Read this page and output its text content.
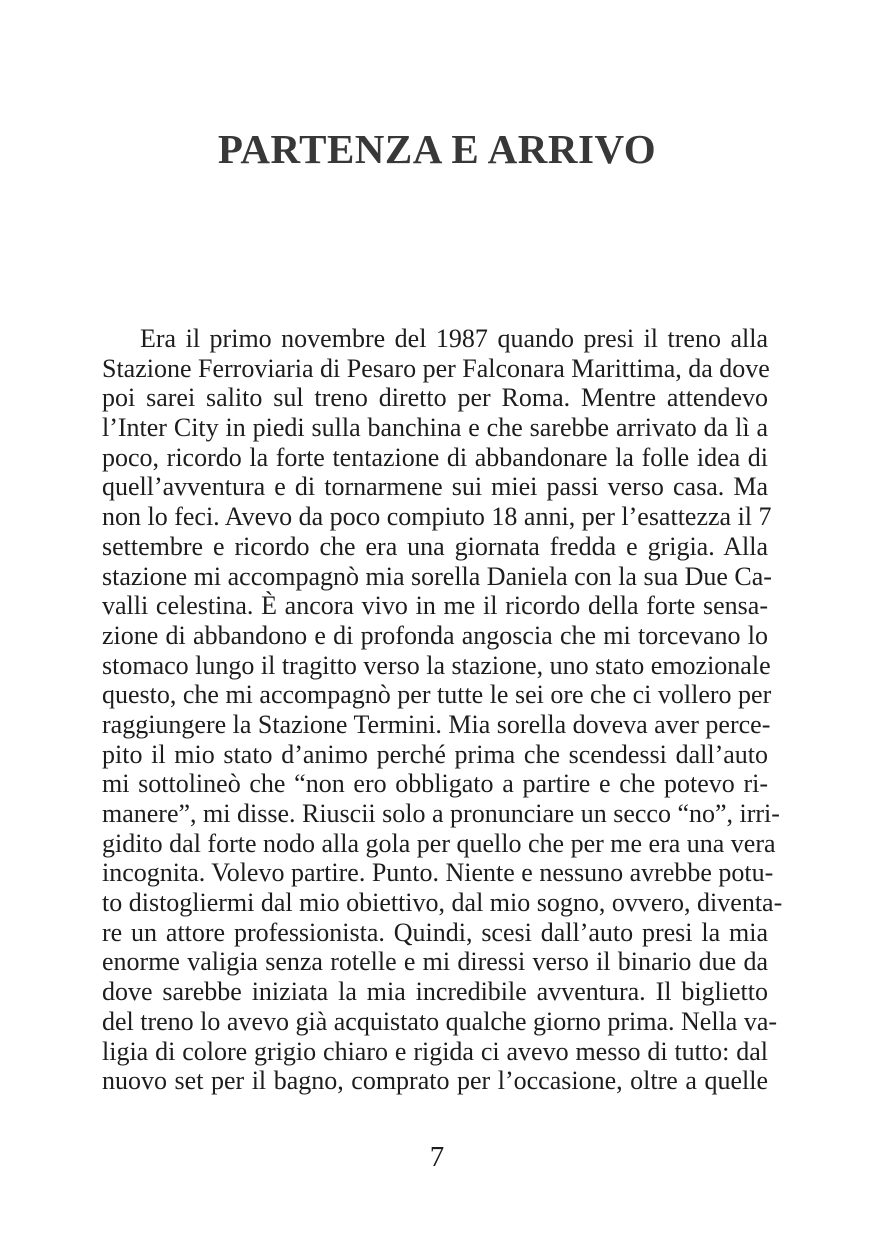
PARTENZA E ARRIVO
Era il primo novembre del 1987 quando presi il treno alla
Stazione Ferroviaria di Pesaro per Falconara Marittima, da dove
poi sarei salito sul treno diretto per Roma. Mentre attendevo
l’Inter City in piedi sulla banchina e che sarebbe arrivato da lì a
poco, ricordo la forte tentazione di abbandonare la folle idea di
quell’avventura e di tornarmene sui miei passi verso casa. Ma
non lo feci. Avevo da poco compiuto 18 anni, per l’esattezza il 7
settembre e ricordo che era una giornata fredda e grigia. Alla
stazione mi accompagnò mia sorella Daniela con la sua Due Ca-
valli celestina. È ancora vivo in me il ricordo della forte sensa-
zione di abbandono e di profonda angoscia che mi torcevano lo
stomaco lungo il tragitto verso la stazione, uno stato emozionale
questo, che mi accompagnò per tutte le sei ore che ci vollero per
raggiungere la Stazione Termini. Mia sorella doveva aver perce-
pito il mio stato d’animo perché prima che scendessi dall’auto
mi sottolineò che “non ero obbligato a partire e che potevo ri-
manere”, mi disse. Riuscii solo a pronunciare un secco “no”, irri-
gidito dal forte nodo alla gola per quello che per me era una vera
incognita. Volevo partire. Punto. Niente e nessuno avrebbe potu-
to distogliermi dal mio obiettivo, dal mio sogno, ovvero, diventa-
re un attore professionista. Quindi, scesi dall’auto presi la mia
enorme valigia senza rotelle e mi diressi verso il binario due da
dove sarebbe iniziata la mia incredibile avventura. Il biglietto
del treno lo avevo già acquistato qualche giorno prima. Nella va-
ligia di colore grigio chiaro e rigida ci avevo messo di tutto: dal
nuovo set per il bagno, comprato per l’occasione, oltre a quelle
7
